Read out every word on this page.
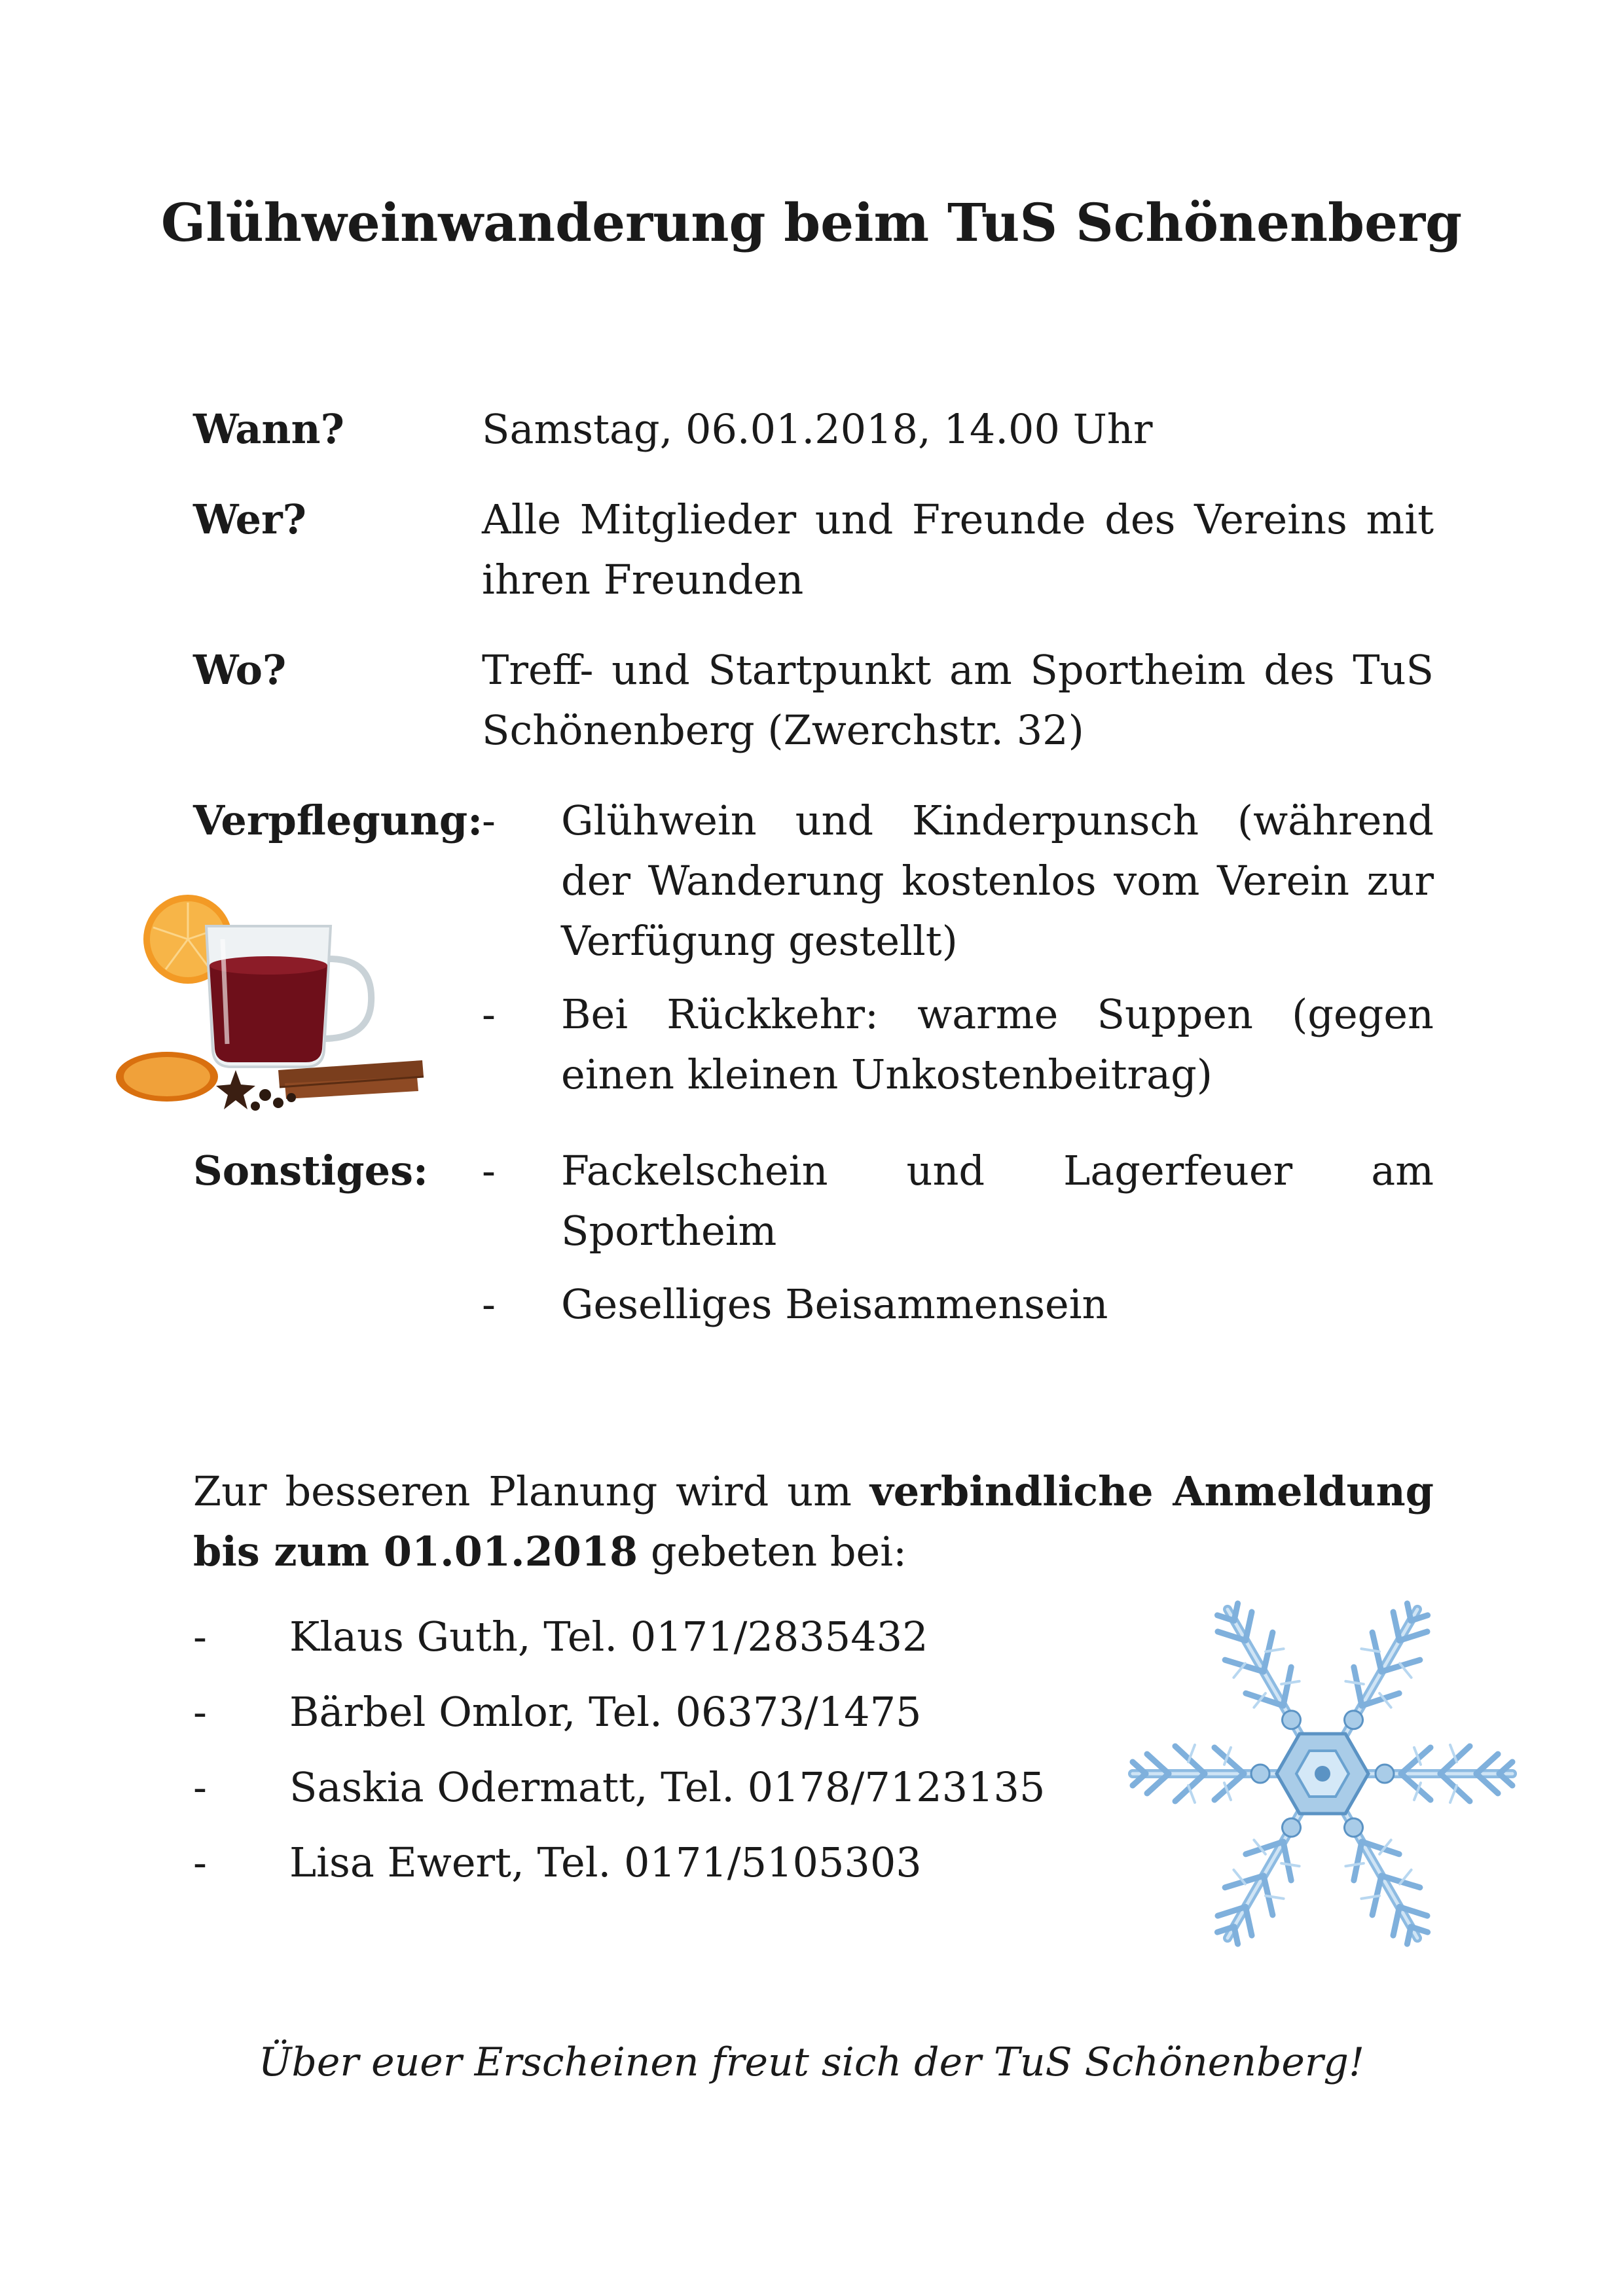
Glühweinwanderung beim TuS Schönenberg
Wann?	Samstag, 06.01.2018, 14.00 Uhr
Wer?	Alle Mitglieder und Freunde des Vereins mit ihren Freunden
Wo?	Treff- und Startpunkt am Sportheim des TuS Schönenberg (Zwerchstr. 32)
Verpflegung:
- Glühwein und Kinderpunsch (während der Wanderung kostenlos vom Verein zur Verfügung gestellt)
- Bei Rückkehr: warme Suppen (gegen einen kleinen Unkostenbeitrag)
Sonstiges: - Fackelschein und Lagerfeuer am Sportheim
- Geselliges Beisammensein
Zur besseren Planung wird um verbindliche Anmeldung bis zum 01.01.2018 gebeten bei:
- Klaus Guth, Tel. 0171/2835432
- Bärbel Omlor, Tel. 06373/1475
- Saskia Odermatt, Tel. 0178/7123135
- Lisa Ewert, Tel. 0171/5105303
Über euer Erscheinen freut sich der TuS Schönenberg!
